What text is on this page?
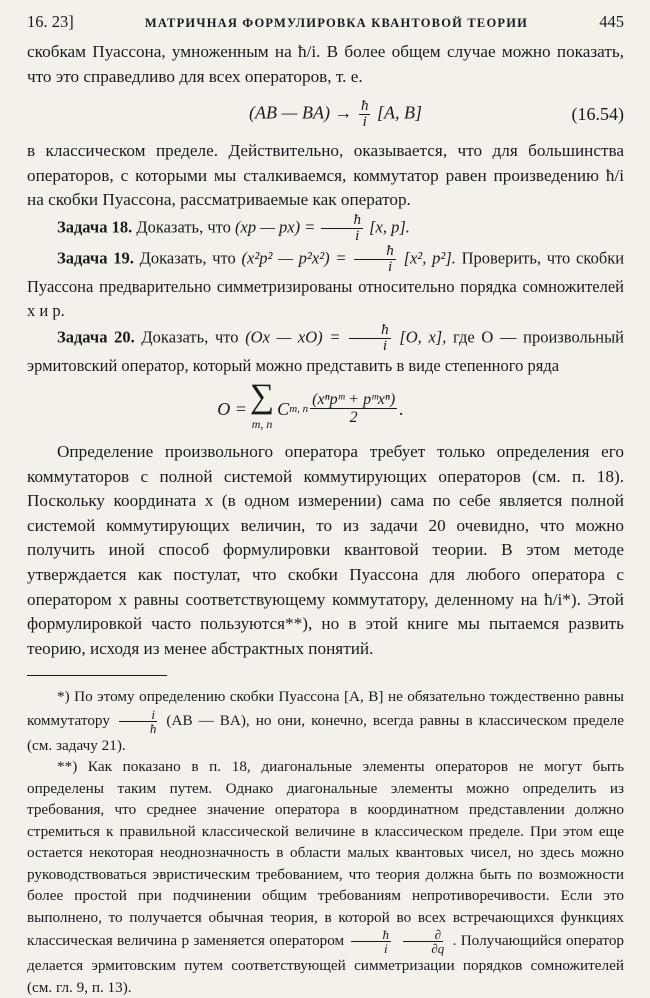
16. 23]	МАТРИЧНАЯ ФОРМУЛИРОВКА КВАНТОВОЙ ТЕОРИИ	445

скобкам Пуассона, умноженным на ħ/i. В более общем случае можно показать, что это справедливо для всех операторов, т. е.

(AB — $BA) \to \frac{ħ}{i} [A$, B]	(16.54)

в классическом пределе. Действительно, оказывается, что для большинства операторов, с которыми мы сталкиваемся, коммутатор равен произведению ħ/i на скобки Пуассона, рассматриваемые как оператор.

Задача 18. Доказать, что (xp — $px) = \frac{ħ}{i} [x$, p].

Задача 19. Доказать, что (x²p² — $p^2x^2) = \frac{ħ}{i} [x^2$, p²]. Проверить, что скобки Пуассона предварительно симметризированы относительно порядка сомножителей x и p.

Задача 20. Доказать, что (Ox — $xO) = \frac{ħ}{i} [O$, x], где O — произвольный эрмитовский оператор, который можно представить в виде степенного ряда

O = ∑
m, n
C m, n $\frac{\text{(xⁿpᵐ + pᵐxⁿ)}}{2}$ .

Определение произвольного оператора требует только определения его коммутаторов с полной системой коммутирующих операторов (см. п. 18). Поскольку координата x (в одном измерении) сама по себе является полной системой коммутирующих величин, то из задачи 20 очевидно, что можно получить иной способ формулировки квантовой теории. В этом методе утверждается как постулат, что скобки Пуассона для любого оператора с оператором x равны соответствующему коммутатору, деленному на ħ/i*). Этой формулировкой часто пользуются**), но в этой книге мы пытаемся развить теорию, исходя из менее абстрактных понятий.

*) По этому определению скобки Пуассона [A, B] не обязательно тождественно равны коммутатору $\frac{i}{ħ} (AB$ — BA), но они, конечно, всегда равны в классическом пределе (см. задачу 21).

**) Как показано в п. 18, диагональные элементы операторов не могут быть определены таким путем. Однако диагональные элементы можно определить из требования, что среднее значение оператора в координатном представлении должно стремиться к правильной классической величине в классическом пределе. При этом еще остается некоторая неоднозначность в области малых квантовых чисел, но здесь можно руководствоваться эвристическим требованием, что теория должна быть по возможности более простой при подчинении общим требованиям непротиворечивости. Если это выполнено, то получается обычная теория, в которой во всех встречающихся функциях классическая величина p заменяется оператором $\frac{ħ}{i}$
$\frac{\partial}{\partial q}$ . Получающийся оператор делается эрмитовским путем соответствующей симметризации порядков сомножителей (см. гл. 9, п. 13).
